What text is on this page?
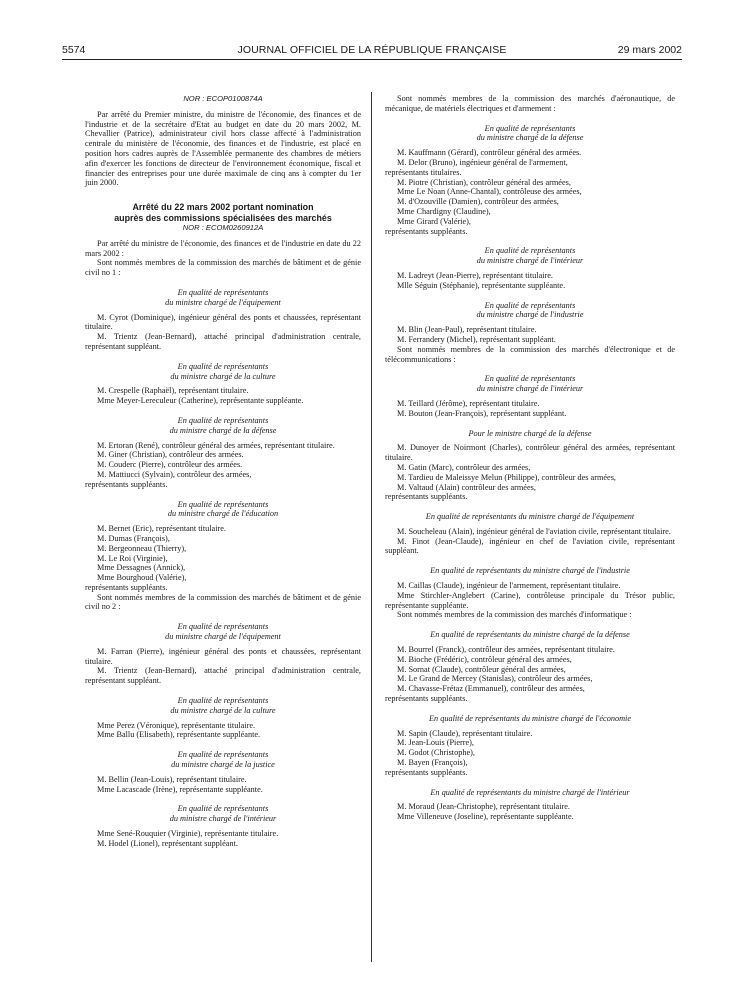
5574	JOURNAL OFFICIEL DE LA RÉPUBLIQUE FRANÇAISE	29 mars 2002

NOR : ECOP0100874A

Par arrêté du Premier ministre, du ministre de l'économie, des finances et de l'industrie et de la secrétaire d'Etat au budget en date du 20 mars 2002, M. Chevallier (Patrice), administrateur civil hors classe affecté à l'administration centrale du ministère de l'économie, des finances et de l'industrie, est placé en position hors cadres auprès de l'Assemblée permanente des chambres de métiers afin d'exercer les fonctions de directeur de l'environnement économique, fiscal et financier des entreprises pour une durée maximale de cinq ans à compter du 1er juin 2000.

Arrêté du 22 mars 2002 portant nomination
auprès des commissions spécialisées des marchés

NOR : ECOM0260912A

Par arrêté du ministre de l'économie, des finances et de l'industrie en date du 22 mars 2002 :

Sont nommés membres de la commission des marchés de bâtiment et de génie civil no 1 :

En qualité de représentants
du ministre chargé de l'équipement

M. Cyrot (Dominique), ingénieur général des ponts et chaussées, représentant titulaire.

M. Trientz (Jean-Bernard), attaché principal d'administration centrale, représentant suppléant.

En qualité de représentants
du ministre chargé de la culture

M. Crespelle (Raphaël), représentant titulaire.

Mme Meyer-Lereculeur (Catherine), représentante suppléante.

En qualité de représentants
du ministre chargé de la défense

M. Ertoran (René), contrôleur général des armées, représentant titulaire.

M. Giner (Christian), contrôleur des armées.

M. Couderc (Pierre), contrôleur des armées.

M. Mattiucci (Sylvain), contrôleur des armées,

représentants suppléants.

En qualité de représentants
du ministre chargé de l'éducation

M. Bernet (Eric), représentant titulaire.

M. Dumas (François),

M. Bergeonneau (Thierry),

M. Le Roi (Virginie),

Mme Dessagnes (Annick),

Mme Bourghoud (Valérie),

représentants suppléants.

Sont nommés membres de la commission des marchés de bâtiment et de génie civil no 2 :

En qualité de représentants
du ministre chargé de l'équipement

M. Farran (Pierre), ingénieur général des ponts et chaussées, représentant titulaire.

M. Trientz (Jean-Bernard), attaché principal d'administration centrale, représentant suppléant.

En qualité de représentants
du ministre chargé de la culture

Mme Perez (Véronique), représentante titulaire.

Mme Ballu (Elisabeth), représentante suppléante.

En qualité de représentants
du ministre chargé de la justice

M. Bellin (Jean-Louis), représentant titulaire.

Mme Lacascade (Irène), représentante suppléante.

En qualité de représentants
du ministre chargé de l'intérieur

Mme Sené-Rouquier (Virginie), représentante titulaire.

M. Hodel (Lionel), représentant suppléant.

Sont nommés membres de la commission des marchés d'aéronautique, de mécanique, de matériels électriques et d'armement :

En qualité de représentants
du ministre chargé de la défense

M. Kauffmann (Gérard), contrôleur général des armées.

M. Delor (Bruno), ingénieur général de l'armement,

représentants titulaires.

M. Piotre (Christian), contrôleur général des armées,

Mme Le Noan (Anne-Chantal), contrôleuse des armées,

M. d'Ozouville (Damien), contrôleur des armées,

Mme Chardigny (Claudine),

Mme Girard (Valérie),

représentants suppléants.

En qualité de représentants
du ministre chargé de l'intérieur

M. Ladreyt (Jean-Pierre), représentant titulaire.

Mlle Séguin (Stéphanie), représentante suppléante.

En qualité de représentants
du ministre chargé de l'industrie

M. Blin (Jean-Paul), représentant titulaire.

M. Ferrandery (Michel), représentant suppléant.

Sont nommés membres de la commission des marchés d'électronique et de télécommunications :

En qualité de représentants
du ministre chargé de l'intérieur

M. Teillard (Jérôme), représentant titulaire.

M. Bouton (Jean-François), représentant suppléant.

Pour le ministre chargé de la défense

M. Dunoyer de Noirmont (Charles), contrôleur général des armées, représentant titulaire.

M. Gatin (Marc), contrôleur des armées,

M. Tardieu de Maleissye Melun (Philippe), contrôleur des armées,

M. Valtaud (Alain) contrôleur des armées,

représentants suppléants.

En qualité de représentants du ministre chargé de l'équipement

M. Soucheleau (Alain), ingénieur général de l'aviation civile, représentant titulaire.

M. Finot (Jean-Claude), ingénieur en chef de l'aviation civile, représentant suppléant.

En qualité de représentants du ministre chargé de l'industrie

M. Caillas (Claude), ingénieur de l'armement, représentant titulaire.

Mme Stirchler-Anglebert (Carine), contrôleuse principale du Trésor public, représentante suppléante.

Sont nommés membres de la commission des marchés d'informatique :

En qualité de représentants du ministre chargé de la défense

M. Bourrel (Franck), contrôleur des armées, représentant titulaire.

M. Bioche (Frédéric), contrôleur général des armées,

M. Sornat (Claude), contrôleur général des armées,

M. Le Grand de Mercey (Stanislas), contrôleur des armées,

M. Chavasse-Frétaz (Emmanuel), contrôleur des armées,

représentants suppléants.

En qualité de représentants du ministre chargé de l'économie

M. Sapin (Claude), représentant titulaire.

M. Jean-Louis (Pierre),

M. Godot (Christophe),

M. Bayen (François),

représentants suppléants.

En qualité de représentants du ministre chargé de l'intérieur

M. Moraud (Jean-Christophe), représentant titulaire.

Mme Villeneuve (Joseline), représentante suppléante.
